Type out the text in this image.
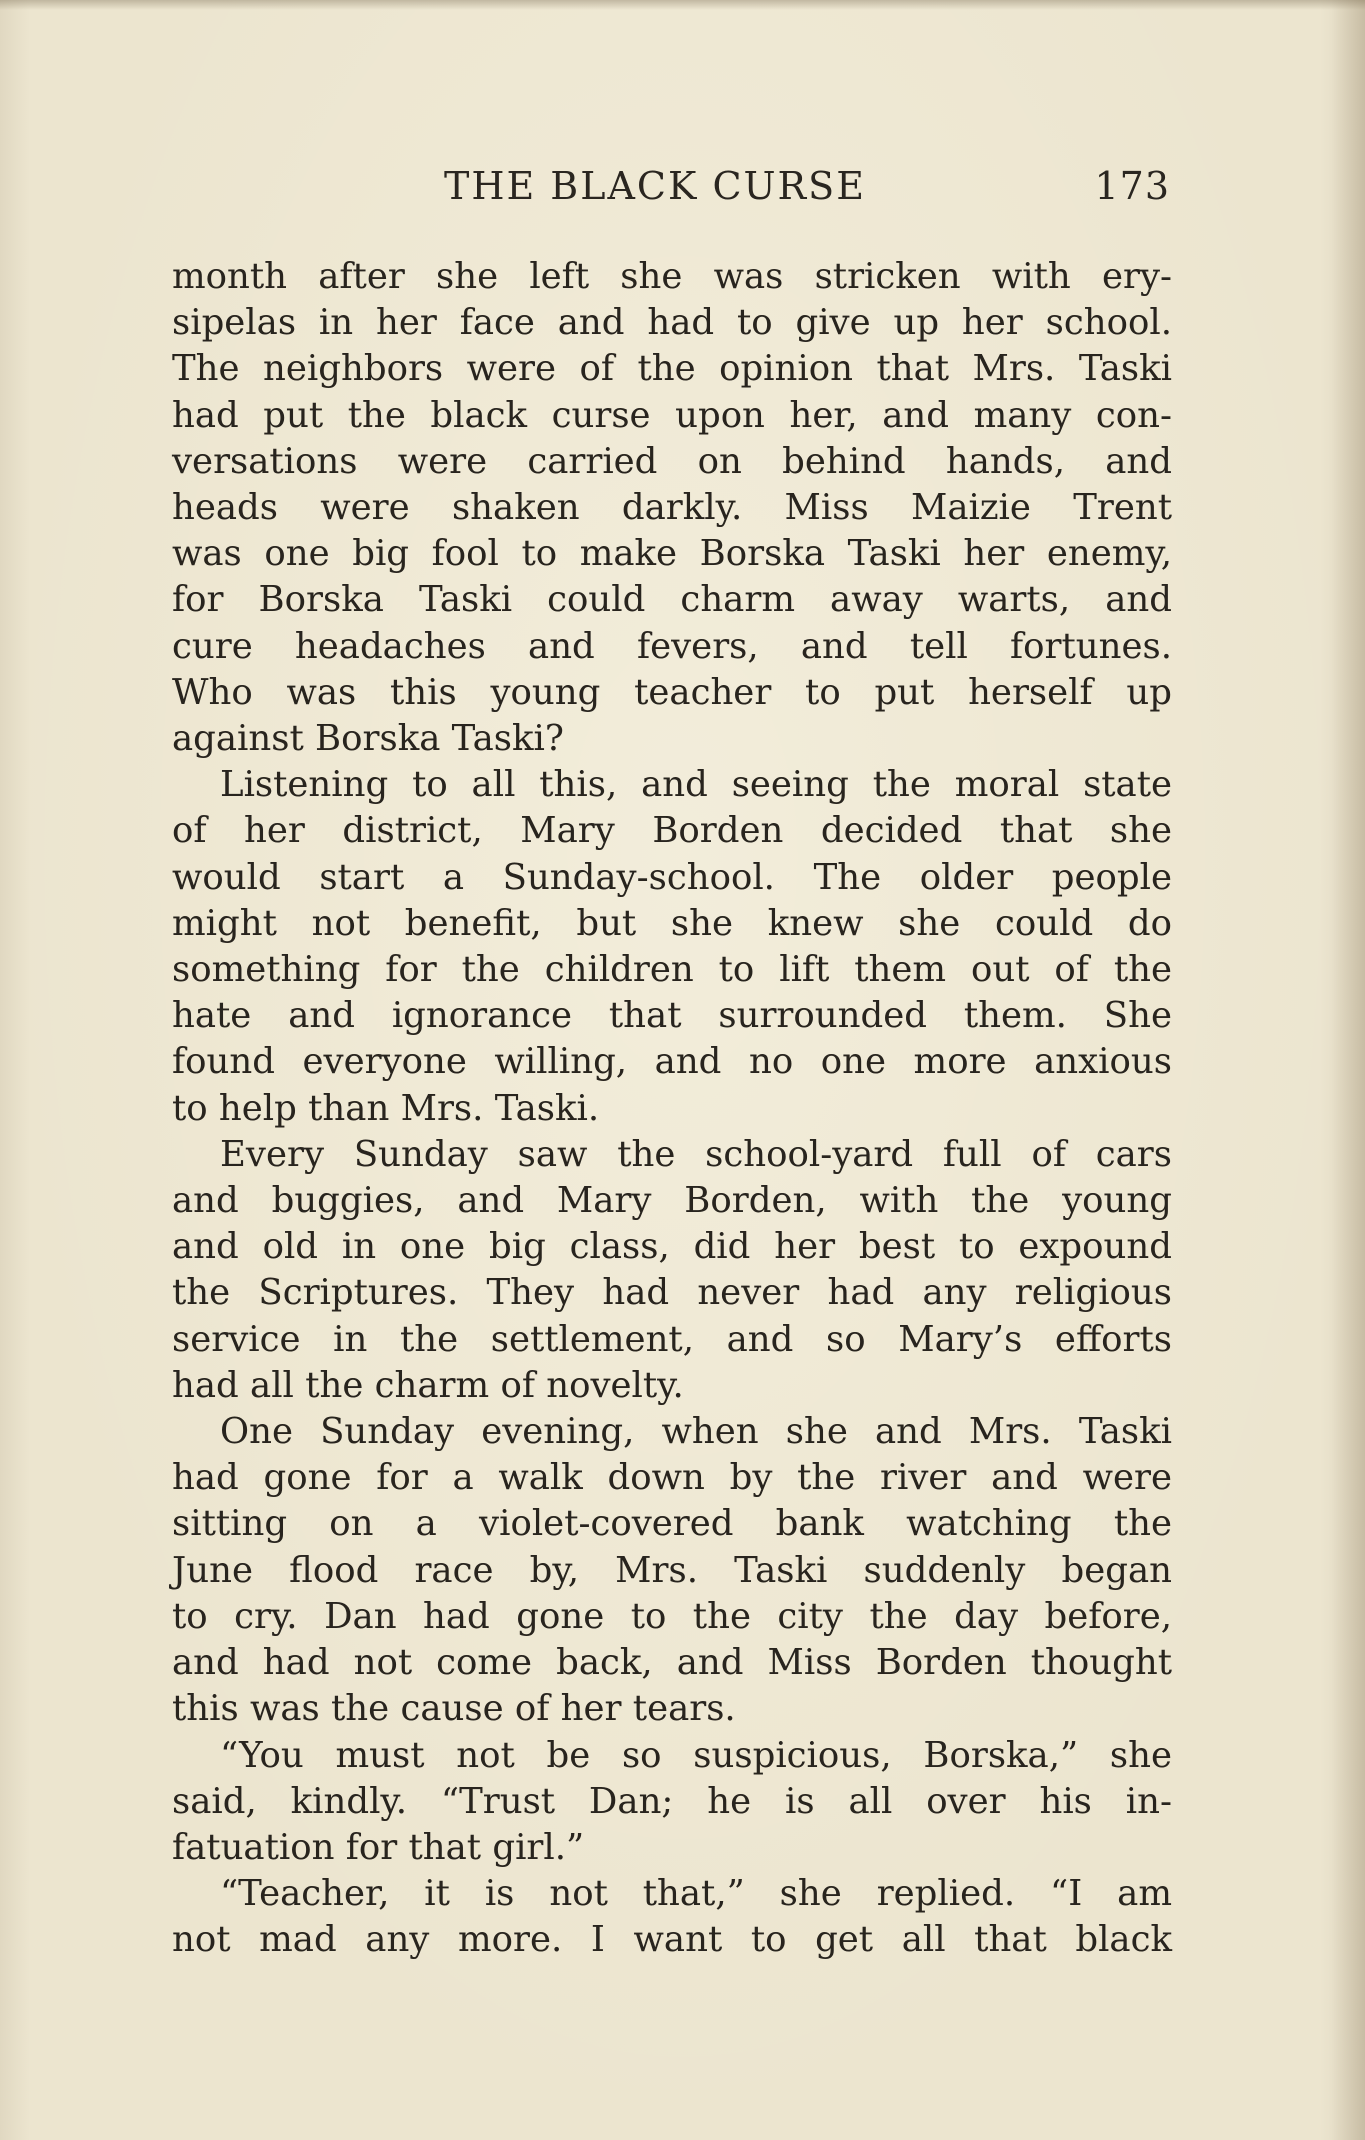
THE BLACK CURSE	173

month after she left she was stricken with ery-
sipelas in her face and had to give up her school.
The neighbors were of the opinion that Mrs. Taski
had put the black curse upon her, and many con-
versations were carried on behind hands, and
heads were shaken darkly. Miss Maizie Trent
was one big fool to make Borska Taski her enemy,
for Borska Taski could charm away warts, and
cure headaches and fevers, and tell fortunes.
Who was this young teacher to put herself up
against Borska Taski?

Listening to all this, and seeing the moral state
of her district, Mary Borden decided that she
would start a Sunday-school. The older people
might not benefit, but she knew she could do
something for the children to lift them out of the
hate and ignorance that surrounded them. She
found everyone willing, and no one more anxious
to help than Mrs. Taski.

Every Sunday saw the school-yard full of cars
and buggies, and Mary Borden, with the young
and old in one big class, did her best to expound
the Scriptures. They had never had any religious
service in the settlement, and so Mary’s efforts
had all the charm of novelty.

One Sunday evening, when she and Mrs. Taski
had gone for a walk down by the river and were
sitting on a violet-covered bank watching the
June flood race by, Mrs. Taski suddenly began
to cry. Dan had gone to the city the day before,
and had not come back, and Miss Borden thought
this was the cause of her tears.

“You must not be so suspicious, Borska,” she
said, kindly. “Trust Dan; he is all over his in-
fatuation for that girl.”

“Teacher, it is not that,” she replied. “I am
not mad any more. I want to get all that black
